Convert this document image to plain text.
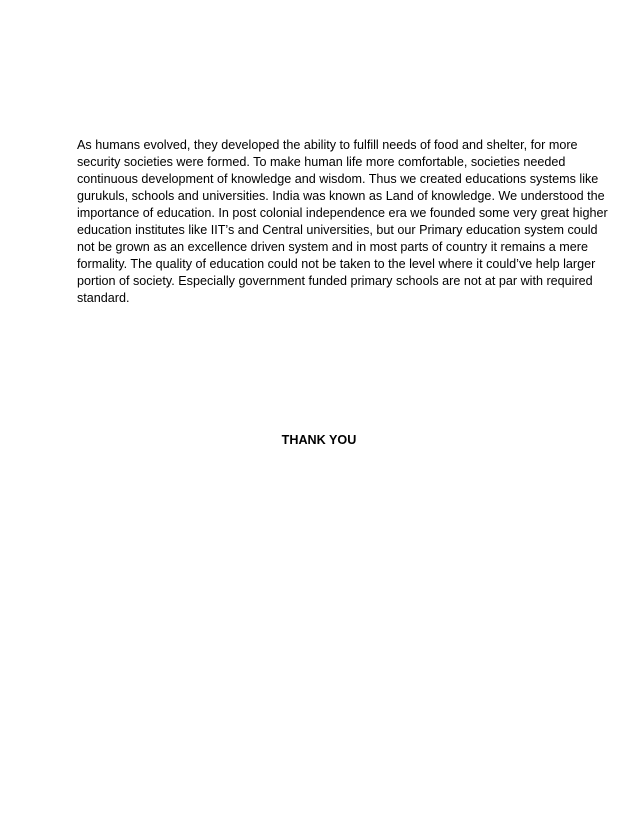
As humans evolved, they developed the ability to fulfill needs of food and shelter, for more
security societies were formed. To make human life more comfortable, societies needed
continuous development of knowledge and wisdom. Thus we created educations systems like
gurukuls, schools and universities. India was known as Land of knowledge. We understood the
importance of education. In post colonial independence era we founded some very great higher
education institutes like IIT’s and Central universities, but our Primary education system could
not be grown as an excellence driven system and in most parts of country it remains a mere
formality. The quality of education could not be taken to the level where it could’ve help larger
portion of society. Especially government funded primary schools are not at par with required
standard.

THANK YOU
